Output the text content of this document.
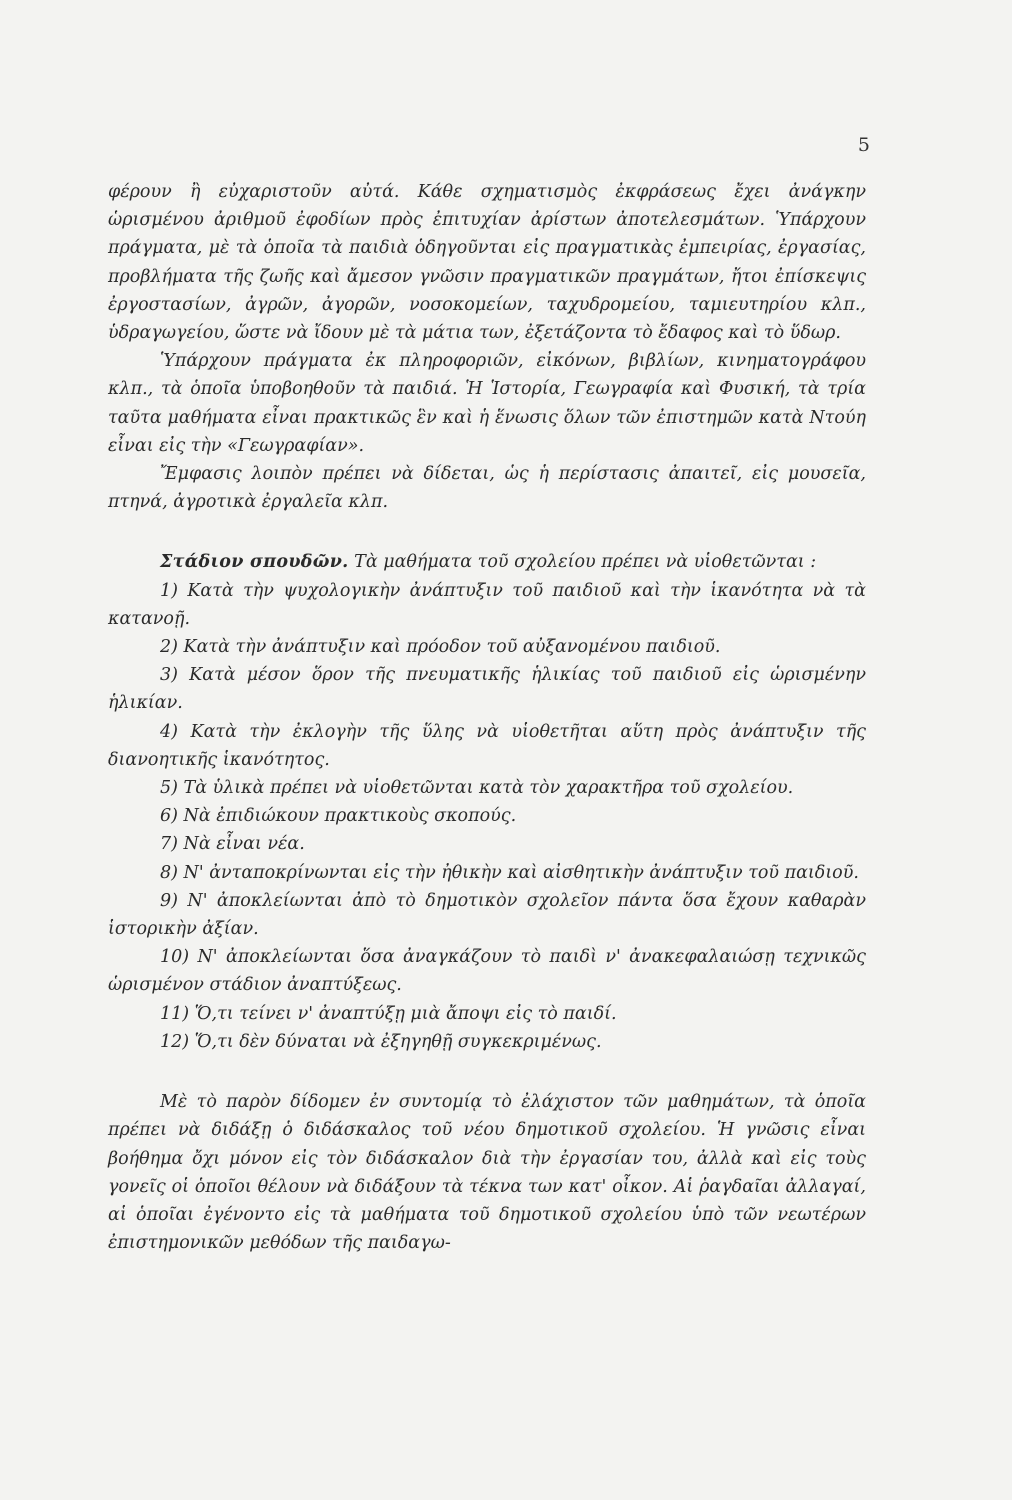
5

φέρουν ἢ εὐχαριστοῦν αὐτά. Κάθε σχηματισμὸς ἐκφράσεως ἔχει ἀνάγκην ὡρισμένου ἀριθμοῦ ἐφοδίων πρὸς ἐπιτυχίαν ἀρίστων ἀποτελεσμάτων. Ὑπάρχουν πράγματα, μὲ τὰ ὁποῖα τὰ παιδιὰ ὁδηγοῦνται εἰς πραγματικὰς ἐμπειρίας, ἐργασίας, προβλήματα τῆς ζωῆς καὶ ἄμεσον γνῶσιν πραγματικῶν πραγμάτων, ἤτοι ἐπίσκεψις ἐργοστασίων, ἀγρῶν, ἀγορῶν, νοσοκομείων, ταχυδρομείου, ταμιευτηρίου κλπ., ὑδραγωγείου, ὥστε νὰ ἴδουν μὲ τὰ μάτια των, ἐξετάζοντα τὸ ἔδαφος καὶ τὸ ὕδωρ.

Ὑπάρχουν πράγματα ἐκ πληροφοριῶν, εἰκόνων, βιβλίων, κινηματογράφου κλπ., τὰ ὁποῖα ὑποβοηθοῦν τὰ παιδιά. Ἡ Ἱστορία, Γεωγραφία καὶ Φυσική, τὰ τρία ταῦτα μαθήματα εἶναι πρακτικῶς ἓν καὶ ἡ ἕνωσις ὅλων τῶν ἐπιστημῶν κατὰ Ντούη εἶναι εἰς τὴν «Γεωγραφίαν».

Ἔμφασις λοιπὸν πρέπει νὰ δίδεται, ὡς ἡ περίστασις ἀπαιτεῖ, εἰς μουσεῖα, πτηνά, ἀγροτικὰ ἐργαλεῖα κλπ.

Στάδιον σπουδῶν. Τὰ μαθήματα τοῦ σχολείου πρέπει νὰ υἱοθετῶνται :

1) Κατὰ τὴν ψυχολογικὴν ἀνάπτυξιν τοῦ παιδιοῦ καὶ τὴν ἱκανότητα νὰ τὰ κατανοῇ.

2) Κατὰ τὴν ἀνάπτυξιν καὶ πρόοδον τοῦ αὐξανομένου παιδιοῦ.

3) Κατὰ μέσον ὅρον τῆς πνευματικῆς ἡλικίας τοῦ παιδιοῦ εἰς ὡρισμένην ἡλικίαν.

4) Κατὰ τὴν ἐκλογὴν τῆς ὕλης νὰ υἱοθετῆται αὕτη πρὸς ἀνάπτυξιν τῆς διανοητικῆς ἱκανότητος.

5) Τὰ ὑλικὰ πρέπει νὰ υἱοθετῶνται κατὰ τὸν χαρακτῆρα τοῦ σχολείου.

6) Νὰ ἐπιδιώκουν πρακτικοὺς σκοπούς.

7) Νὰ εἶναι νέα.

8) Ν' ἀνταποκρίνωνται εἰς τὴν ἠθικὴν καὶ αἰσθητικὴν ἀνάπτυξιν τοῦ παιδιοῦ.

9) Ν' ἀποκλείωνται ἀπὸ τὸ δημοτικὸν σχολεῖον πάντα ὅσα ἔχουν καθαρὰν ἱστορικὴν ἀξίαν.

10) Ν' ἀποκλείωνται ὅσα ἀναγκάζουν τὸ παιδὶ ν' ἀνακεφαλαιώσῃ τεχνικῶς ὡρισμένον στάδιον ἀναπτύξεως.

11) Ὅ,τι τείνει ν' ἀναπτύξῃ μιὰ ἄποψι εἰς τὸ παιδί.

12) Ὅ,τι δὲν δύναται νὰ ἐξηγηθῇ συγκεκριμένως.

Μὲ τὸ παρὸν δίδομεν ἐν συντομίᾳ τὸ ἐλάχιστον τῶν μαθημάτων, τὰ ὁποῖα πρέπει νὰ διδάξῃ ὁ διδάσκαλος τοῦ νέου δημοτικοῦ σχολείου. Ἡ γνῶσις εἶναι βοήθημα ὄχι μόνον εἰς τὸν διδάσκαλον διὰ τὴν ἐργασίαν του, ἀλλὰ καὶ εἰς τοὺς γονεῖς οἱ ὁποῖοι θέλουν νὰ διδάξουν τὰ τέκνα των κατ' οἶκον. Αἱ ῥαγδαῖαι ἀλλαγαί, αἱ ὁποῖαι ἐγένοντο εἰς τὰ μαθήματα τοῦ δημοτικοῦ σχολείου ὑπὸ τῶν νεωτέρων ἐπιστημονικῶν μεθόδων τῆς παιδαγω-
